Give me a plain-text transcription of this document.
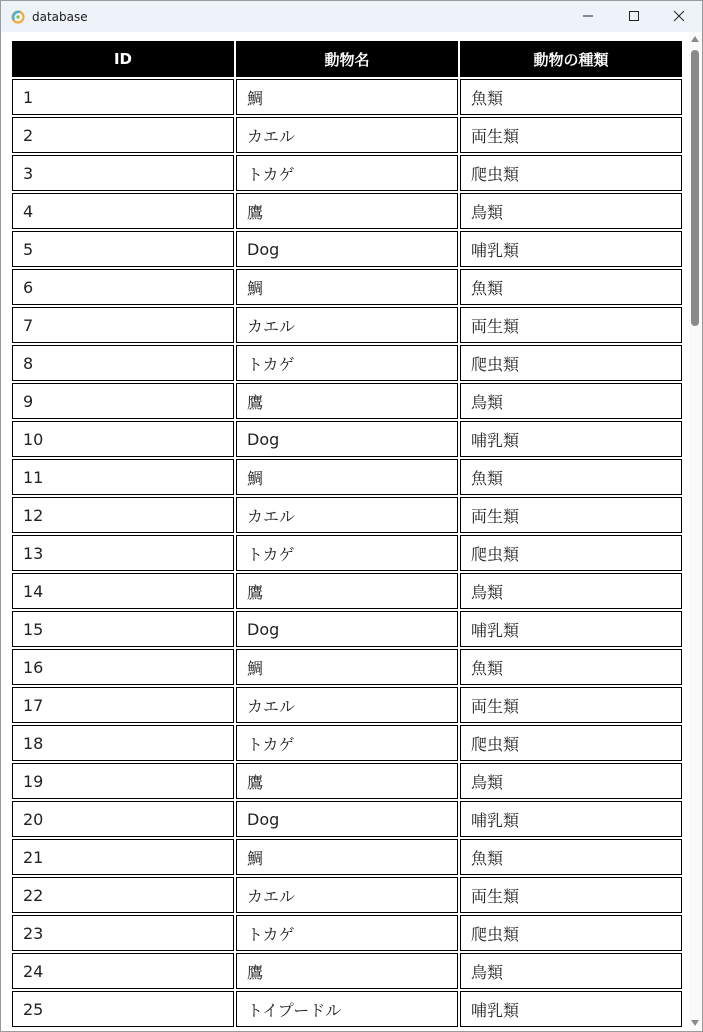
database
ID	動物名	動物の種類
1	鯛	魚類
2	カエル	両生類
3	トカゲ	爬虫類
4	鷹	鳥類
5	Dog	哺乳類
6	鯛	魚類
7	カエル	両生類
8	トカゲ	爬虫類
9	鷹	鳥類
10	Dog	哺乳類
11	鯛	魚類
12	カエル	両生類
13	トカゲ	爬虫類
14	鷹	鳥類
15	Dog	哺乳類
16	鯛	魚類
17	カエル	両生類
18	トカゲ	爬虫類
19	鷹	鳥類
20	Dog	哺乳類
21	鯛	魚類
22	カエル	両生類
23	トカゲ	爬虫類
24	鷹	鳥類
25	トイプードル	哺乳類
